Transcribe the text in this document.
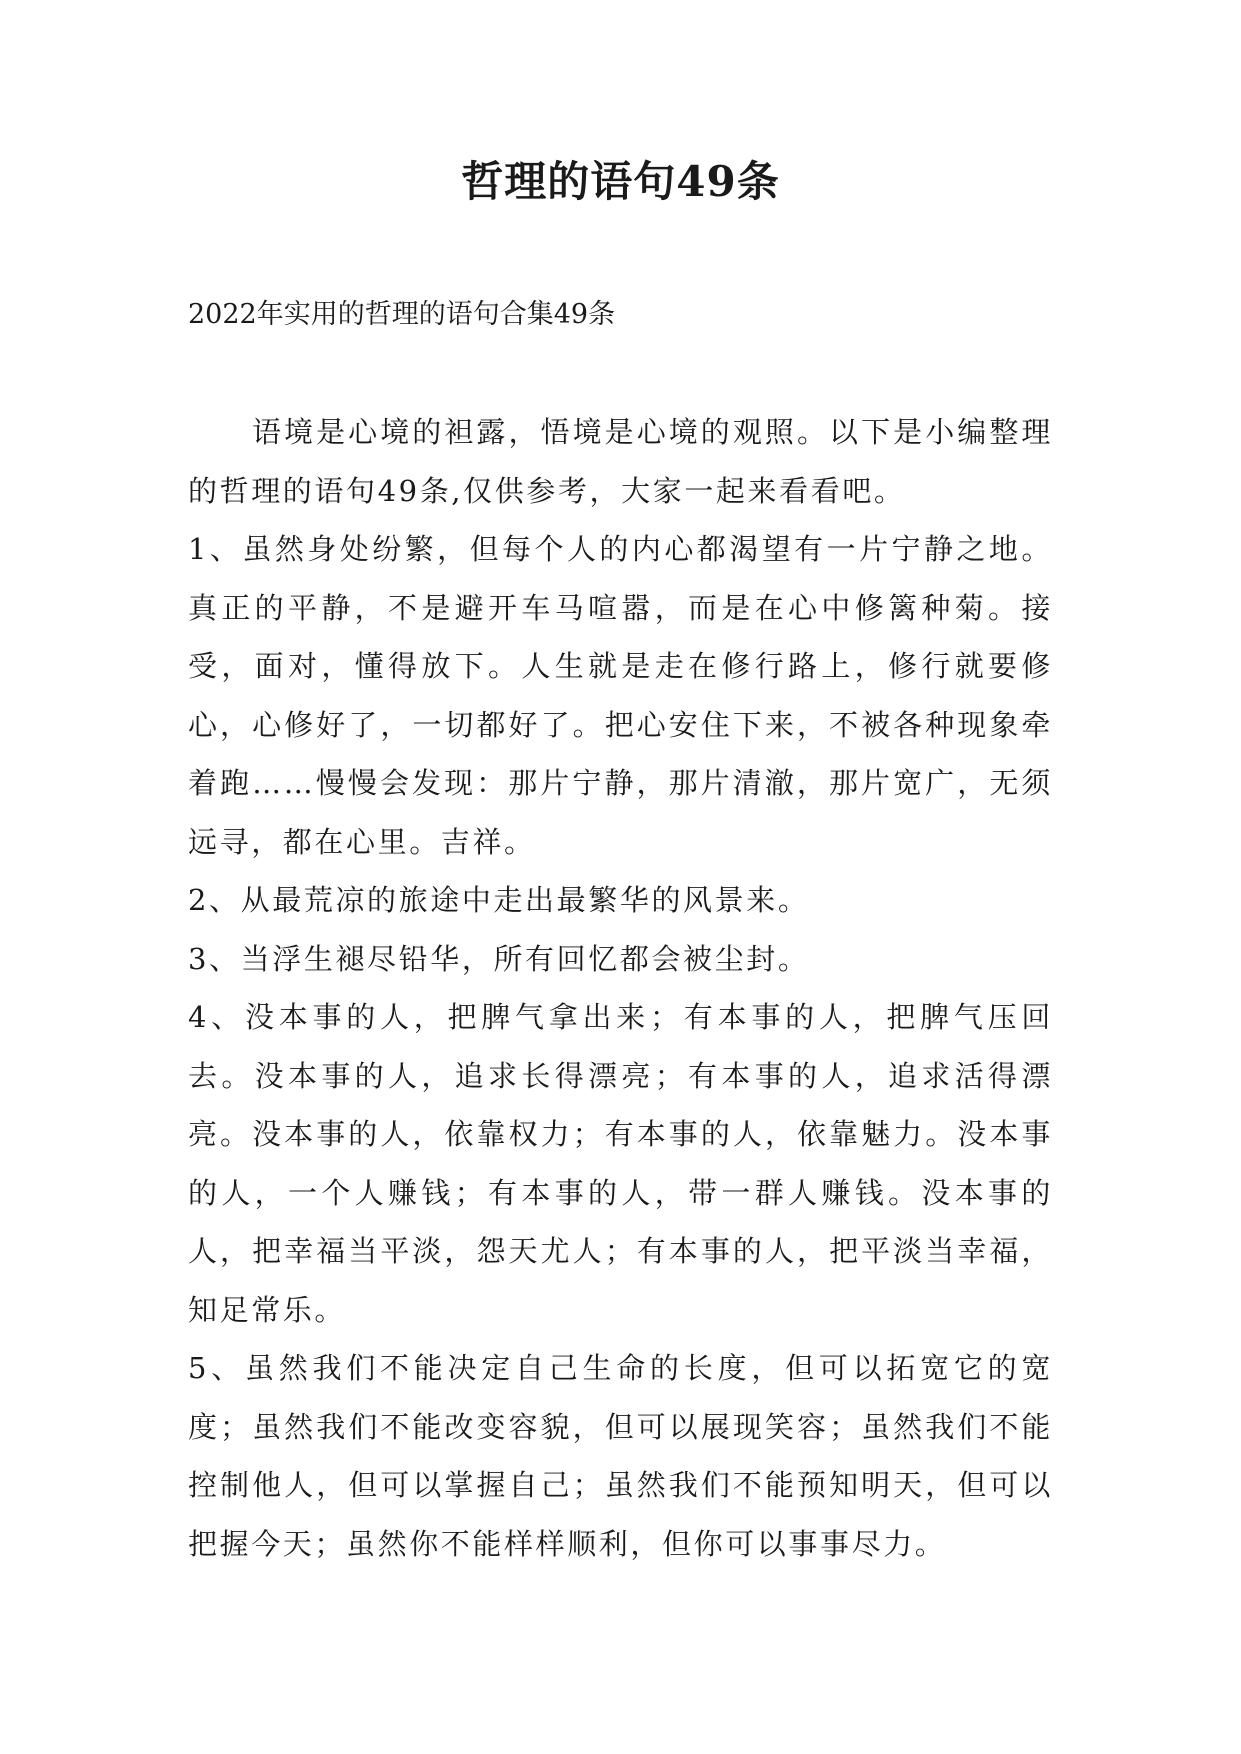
哲理的语句49条
2022年实用的哲理的语句合集49条

语境是心境的袒露，悟境是心境的观照。以下是小编整理的哲理的语句49条,仅供参考，大家一起来看看吧。

1、虽然身处纷繁，但每个人的内心都渴望有一片宁静之地。真正的平静，不是避开车马喧嚣，而是在心中修篱种菊。接受，面对，懂得放下。人生就是走在修行路上，修行就要修心，心修好了，一切都好了。把心安住下来，不被各种现象牵着跑……慢慢会发现：那片宁静，那片清澈，那片宽广，无须远寻，都在心里。吉祥。

2、从最荒凉的旅途中走出最繁华的风景来。

3、当浮生褪尽铅华，所有回忆都会被尘封。

4、没本事的人，把脾气拿出来；有本事的人，把脾气压回去。没本事的人，追求长得漂亮；有本事的人，追求活得漂亮。没本事的人，依靠权力；有本事的人，依靠魅力。没本事的人，一个人赚钱；有本事的人，带一群人赚钱。没本事的人，把幸福当平淡，怨天尤人；有本事的人，把平淡当幸福，知足常乐。

5、虽然我们不能决定自己生命的长度，但可以拓宽它的宽度；虽然我们不能改变容貌，但可以展现笑容；虽然我们不能控制他人，但可以掌握自己；虽然我们不能预知明天，但可以把握今天；虽然你不能样样顺利，但你可以事事尽力。
